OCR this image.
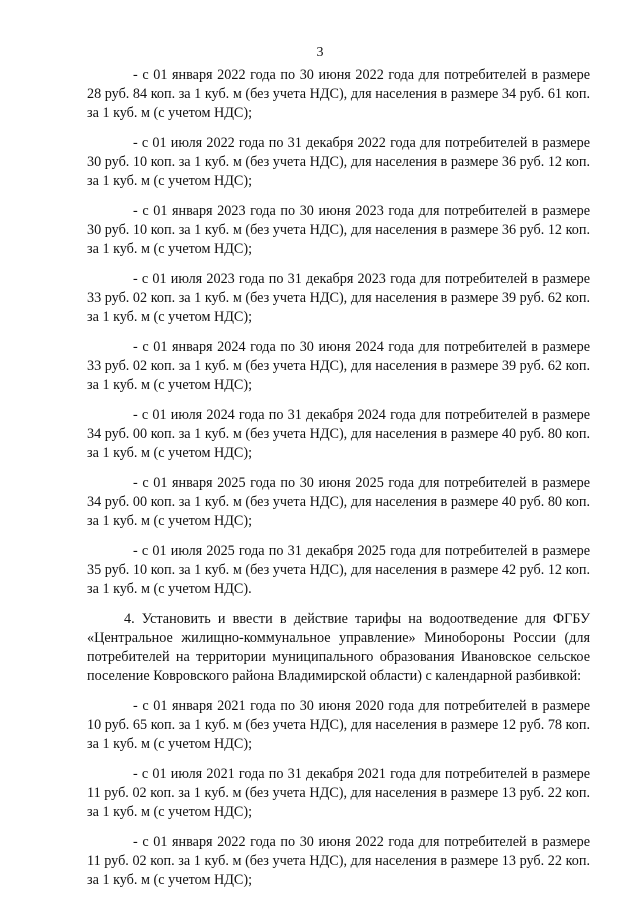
3

- с 01 января 2022 года по 30 июня 2022 года для потребителей в размере 28 руб. 84 коп. за 1 куб. м (без учета НДС), для населения в размере 34 руб. 61 коп. за 1 куб. м (с учетом НДС);

- с 01 июля 2022 года по 31 декабря 2022 года для потребителей в размере 30 руб. 10 коп. за 1 куб. м (без учета НДС), для населения в размере 36 руб. 12 коп. за 1 куб. м (с учетом НДС);

- с 01 января 2023 года по 30 июня 2023 года для потребителей в размере 30 руб. 10 коп. за 1 куб. м (без учета НДС), для населения в размере 36 руб. 12 коп. за 1 куб. м (с учетом НДС);

- с 01 июля 2023 года по 31 декабря 2023 года для потребителей в размере 33 руб. 02 коп. за 1 куб. м (без учета НДС), для населения в размере 39 руб. 62 коп. за 1 куб. м (с учетом НДС);

- с 01 января 2024 года по 30 июня 2024 года для потребителей в размере 33 руб. 02 коп. за 1 куб. м (без учета НДС), для населения в размере 39 руб. 62 коп. за 1 куб. м (с учетом НДС);

- с 01 июля 2024 года по 31 декабря 2024 года для потребителей в размере 34 руб. 00 коп. за 1 куб. м (без учета НДС), для населения в размере 40 руб. 80 коп. за 1 куб. м (с учетом НДС);

- с 01 января 2025 года по 30 июня 2025 года для потребителей в размере 34 руб. 00 коп. за 1 куб. м (без учета НДС), для населения в размере 40 руб. 80 коп. за 1 куб. м (с учетом НДС);

- с 01 июля 2025 года по 31 декабря 2025 года для потребителей в размере 35 руб. 10 коп. за 1 куб. м (без учета НДС), для населения в размере 42 руб. 12 коп. за 1 куб. м (с учетом НДС).

4. Установить и ввести в действие тарифы на водоотведение для ФГБУ «Центральное жилищно-коммунальное управление» Минобороны России (для потребителей на территории муниципального образования Ивановское сельское поселение Ковровского района Владимирской области) с календарной разбивкой:

- с 01 января 2021 года по 30 июня 2020 года для потребителей в размере 10 руб. 65 коп. за 1 куб. м (без учета НДС), для населения в размере 12 руб. 78 коп. за 1 куб. м (с учетом НДС);

- с 01 июля 2021 года по 31 декабря 2021 года для потребителей в размере 11 руб. 02 коп. за 1 куб. м (без учета НДС), для населения в размере 13 руб. 22 коп. за 1 куб. м (с учетом НДС);

- с 01 января 2022 года по 30 июня 2022 года для потребителей в размере 11 руб. 02 коп. за 1 куб. м (без учета НДС), для населения в размере 13 руб. 22 коп. за 1 куб. м (с учетом НДС);
